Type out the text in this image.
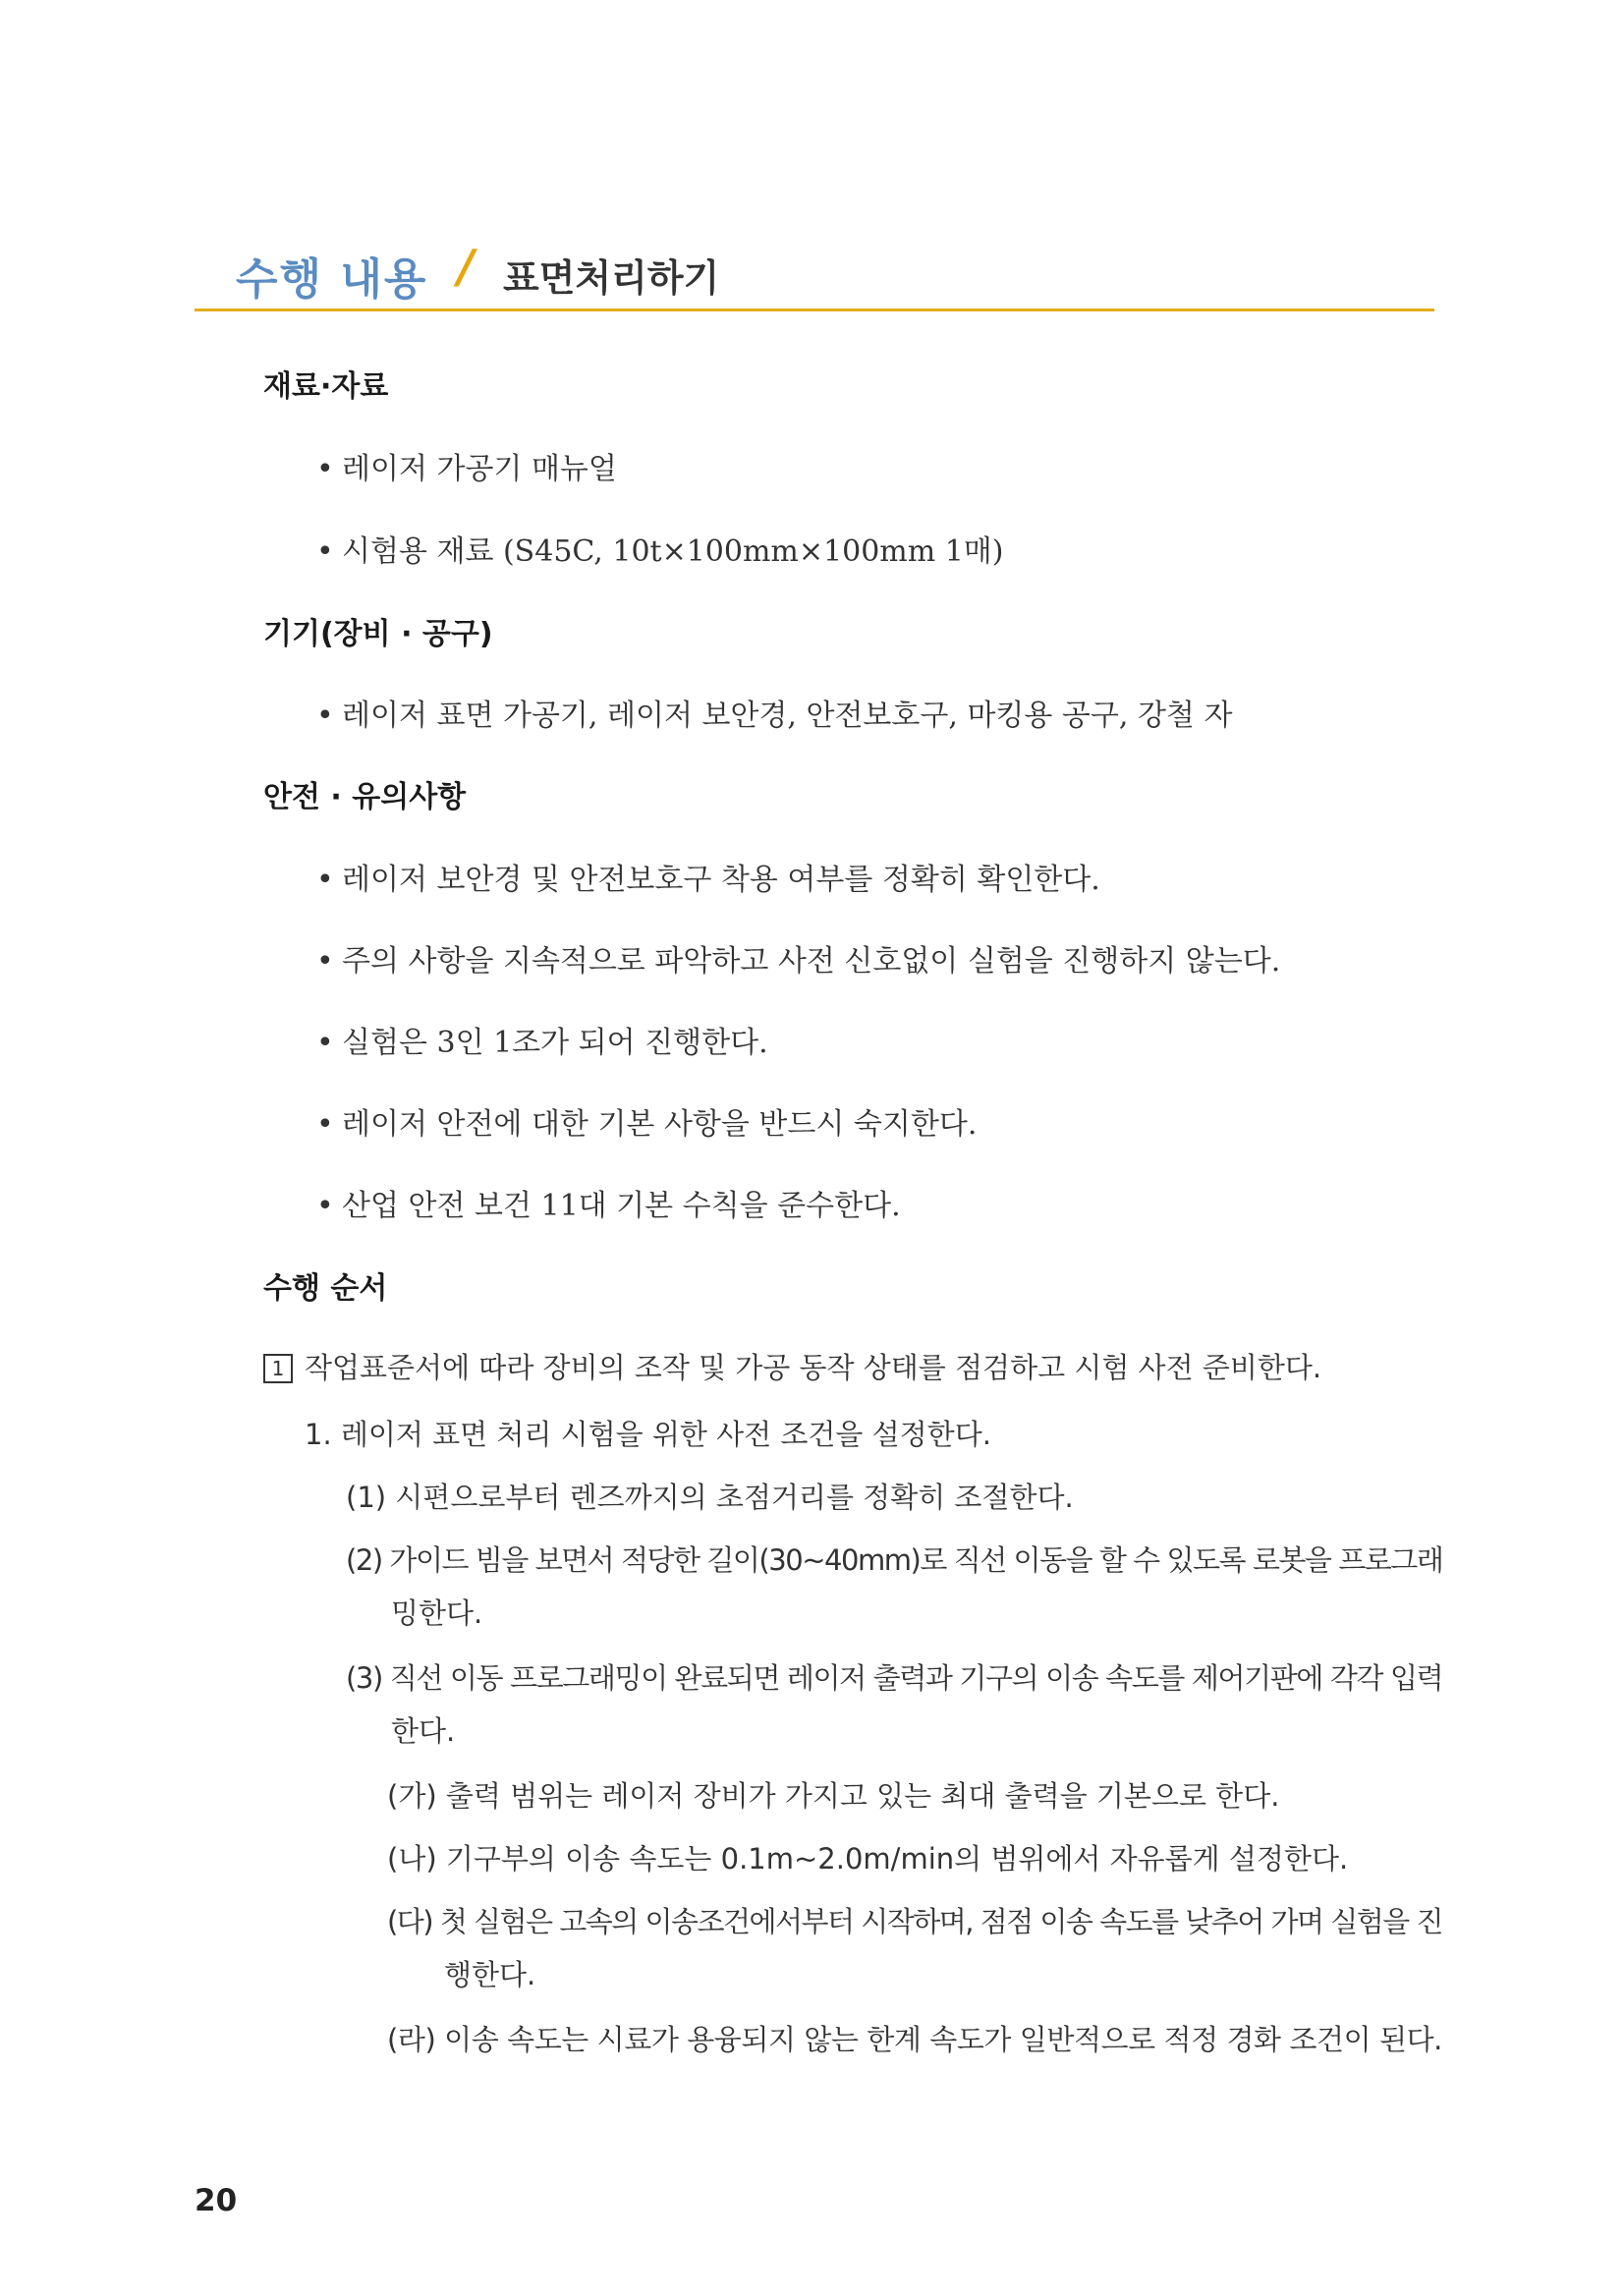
수행 내용 / 표면처리하기
재료·자료
• 레이저 가공기 매뉴얼
• 시험용 재료 (S45C, 10t×100mm×100mm 1매)
기기(장비 · 공구)
• 레이저 표면 가공기, 레이저 보안경, 안전보호구, 마킹용 공구, 강철 자
안전 · 유의사항
• 레이저 보안경 및 안전보호구 착용 여부를 정확히 확인한다.
• 주의 사항을 지속적으로 파악하고 사전 신호없이 실험을 진행하지 않는다.
• 실험은 3인 1조가 되어 진행한다.
• 레이저 안전에 대한 기본 사항을 반드시 숙지한다.
• 산업 안전 보건 11대 기본 수칙을 준수한다.
수행 순서
1 작업표준서에 따라 장비의 조작 및 가공 동작 상태를 점검하고 시험 사전 준비한다.
1. 레이저 표면 처리 시험을 위한 사전 조건을 설정한다.
(1) 시편으로부터 렌즈까지의 초점거리를 정확히 조절한다.
(2) 가이드 빔을 보면서 적당한 길이(30~40mm)로 직선 이동을 할 수 있도록 로봇을 프로그래
밍한다.
(3) 직선 이동 프로그래밍이 완료되면 레이저 출력과 기구의 이송 속도를 제어기판에 각각 입력
한다.
(가) 출력 범위는 레이저 장비가 가지고 있는 최대 출력을 기본으로 한다.
(나) 기구부의 이송 속도는 0.1m~2.0m/min의 범위에서 자유롭게 설정한다.
(다) 첫 실험은 고속의 이송조건에서부터 시작하며, 점점 이송 속도를 낮추어 가며 실험을 진
행한다.
(라) 이송 속도는 시료가 용융되지 않는 한계 속도가 일반적으로 적정 경화 조건이 된다.
20
